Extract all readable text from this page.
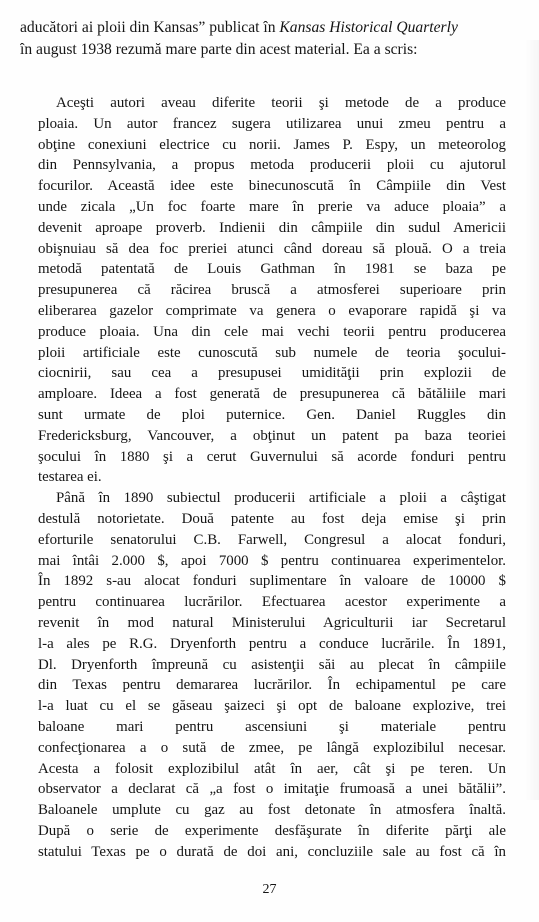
aducători ai ploii din Kansas” publicat în Kansas Historical Quarterly
în august 1938 rezumă mare parte din acest material. Ea a scris:
Aceşti autori aveau diferite teorii şi metode de a produce
ploaia. Un autor francez sugera utilizarea unui zmeu pentru a
obţine conexiuni electrice cu norii. James P. Espy, un meteorolog
din Pennsylvania, a propus metoda producerii ploii cu ajutorul
focurilor. Această idee este binecunoscută în Câmpiile din Vest
unde zicala „Un foc foarte mare în prerie va aduce ploaia” a
devenit aproape proverb. Indienii din câmpiile din sudul Americii
obişnuiau să dea foc preriei atunci când doreau să plouă. O a treia
metodă patentată de Louis Gathman în 1981 se baza pe
presupunerea că răcirea bruscă a atmosferei superioare prin
eliberarea gazelor comprimate va genera o evaporare rapidă şi va
produce ploaia. Una din cele mai vechi teorii pentru producerea
ploii artificiale este cunoscută sub numele de teoria şocului-
ciocnirii, sau cea a presupusei umidităţii prin explozii de
amploare. Ideea a fost generată de presupunerea că bătăliile mari
sunt urmate de ploi puternice. Gen. Daniel Ruggles din
Fredericksburg, Vancouver, a obţinut un patent pa baza teoriei
şocului în 1880 şi a cerut Guvernului să acorde fonduri pentru
testarea ei.
Până în 1890 subiectul producerii artificiale a ploii a câştigat
destulă notorietate. Două patente au fost deja emise şi prin
eforturile senatorului C.B. Farwell, Congresul a alocat fonduri,
mai întâi 2.000 $, apoi 7000 $ pentru continuarea experimentelor.
În 1892 s-au alocat fonduri suplimentare în valoare de 10000 $
pentru continuarea lucrărilor. Efectuarea acestor experimente a
revenit în mod natural Ministerului Agriculturii iar Secretarul
l-a ales pe R.G. Dryenforth pentru a conduce lucrările. În 1891,
Dl. Dryenforth împreună cu asistenţii săi au plecat în câmpiile
din Texas pentru demararea lucrărilor. În echipamentul pe care
l-a luat cu el se găseau şaizeci şi opt de baloane explozive, trei
baloane mari pentru ascensiuni şi materiale pentru
confecţionarea a o sută de zmee, pe lângă explozibilul necesar.
Acesta a folosit explozibilul atât în aer, cât şi pe teren. Un
observator a declarat că „a fost o imitaţie frumoasă a unei bătălii”.
Baloanele umplute cu gaz au fost detonate în atmosfera înaltă.
După o serie de experimente desfăşurate în diferite părţi ale
statului Texas pe o durată de doi ani, concluziile sale au fost că în
27
